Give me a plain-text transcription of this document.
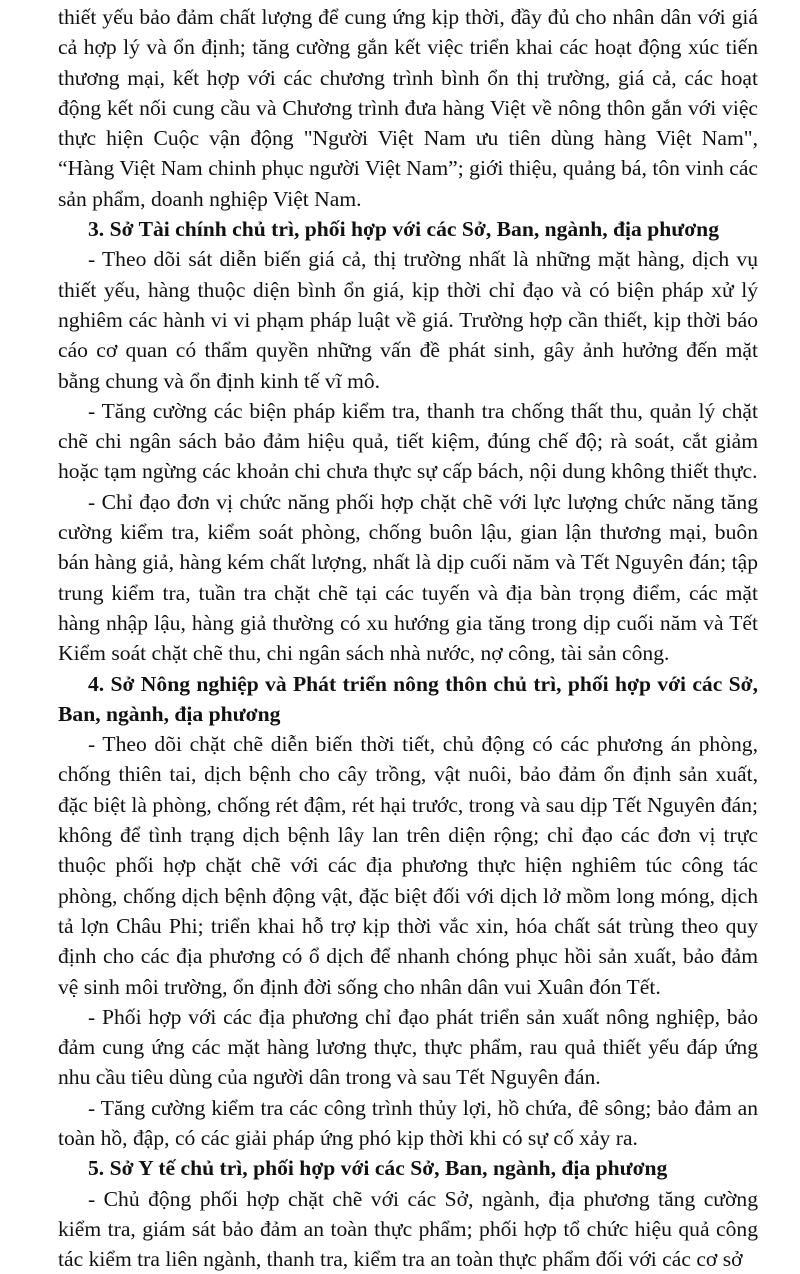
thiết yếu bảo đảm chất lượng để cung ứng kịp thời, đầy đủ cho nhân dân với giá cả hợp lý và ổn định; tăng cường gắn kết việc triển khai các hoạt động xúc tiến thương mại, kết hợp với các chương trình bình ổn thị trường, giá cả, các hoạt động kết nối cung cầu và Chương trình đưa hàng Việt về nông thôn gắn với việc thực hiện Cuộc vận động "Người Việt Nam ưu tiên dùng hàng Việt Nam", “Hàng Việt Nam chinh phục người Việt Nam”; giới thiệu, quảng bá, tôn vinh các sản phẩm, doanh nghiệp Việt Nam.

3. Sở Tài chính chủ trì, phối hợp với các Sở, Ban, ngành, địa phương

- Theo dõi sát diễn biến giá cả, thị trường nhất là những mặt hàng, dịch vụ thiết yếu, hàng thuộc diện bình ổn giá, kịp thời chỉ đạo và có biện pháp xử lý nghiêm các hành vi vi phạm pháp luật về giá. Trường hợp cần thiết, kịp thời báo cáo cơ quan có thẩm quyền những vấn đề phát sinh, gây ảnh hưởng đến mặt bằng chung và ổn định kinh tế vĩ mô.

- Tăng cường các biện pháp kiểm tra, thanh tra chống thất thu, quản lý chặt chẽ chi ngân sách bảo đảm hiệu quả, tiết kiệm, đúng chế độ; rà soát, cắt giảm hoặc tạm ngừng các khoản chi chưa thực sự cấp bách, nội dung không thiết thực.

- Chỉ đạo đơn vị chức năng phối hợp chặt chẽ với lực lượng chức năng tăng cường kiểm tra, kiểm soát phòng, chống buôn lậu, gian lận thương mại, buôn bán hàng giả, hàng kém chất lượng, nhất là dịp cuối năm và Tết Nguyên đán; tập trung kiểm tra, tuần tra chặt chẽ tại các tuyến và địa bàn trọng điểm, các mặt hàng nhập lậu, hàng giả thường có xu hướng gia tăng trong dịp cuối năm và Tết Kiểm soát chặt chẽ thu, chi ngân sách nhà nước, nợ công, tài sản công.

4. Sở Nông nghiệp và Phát triển nông thôn chủ trì, phối hợp với các Sở, Ban, ngành, địa phương

- Theo dõi chặt chẽ diễn biến thời tiết, chủ động có các phương án phòng, chống thiên tai, dịch bệnh cho cây trồng, vật nuôi, bảo đảm ổn định sản xuất, đặc biệt là phòng, chống rét đậm, rét hại trước, trong và sau dịp Tết Nguyên đán; không để tình trạng dịch bệnh lây lan trên diện rộng; chỉ đạo các đơn vị trực thuộc phối hợp chặt chẽ với các địa phương thực hiện nghiêm túc công tác phòng, chống dịch bệnh động vật, đặc biệt đối với dịch lở mồm long móng, dịch tả lợn Châu Phi; triển khai hỗ trợ kịp thời vắc xin, hóa chất sát trùng theo quy định cho các địa phương có ổ dịch để nhanh chóng phục hồi sản xuất, bảo đảm vệ sinh môi trường, ổn định đời sống cho nhân dân vui Xuân đón Tết.

- Phối hợp với các địa phương chỉ đạo phát triển sản xuất nông nghiệp, bảo đảm cung ứng các mặt hàng lương thực, thực phẩm, rau quả thiết yếu đáp ứng nhu cầu tiêu dùng của người dân trong và sau Tết Nguyên đán.

- Tăng cường kiểm tra các công trình thủy lợi, hồ chứa, đê sông; bảo đảm an toàn hồ, đập, có các giải pháp ứng phó kịp thời khi có sự cố xảy ra.

5. Sở Y tế chủ trì, phối hợp với các Sở, Ban, ngành, địa phương

- Chủ động phối hợp chặt chẽ với các Sở, ngành, địa phương tăng cường kiểm tra, giám sát bảo đảm an toàn thực phẩm; phối hợp tổ chức hiệu quả công tác kiểm tra liên ngành, thanh tra, kiểm tra an toàn thực phẩm đối với các cơ sở
